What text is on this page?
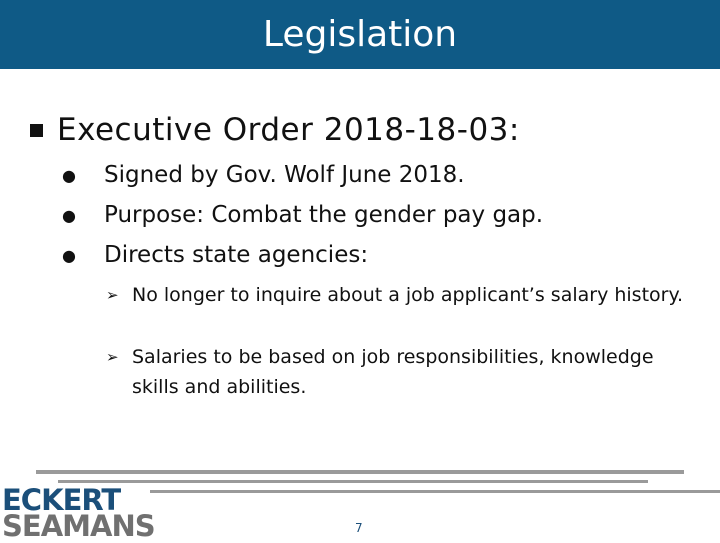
Legislation
Executive Order 2018-18-03:
●	Signed by Gov. Wolf June 2018.
●	Purpose: Combat the gender pay gap.
●	Directs state agencies:
➢ No longer to inquire about a job applicant’s salary history.
➢ Salaries to be based on job responsibilities, knowledge skills and abilities.
ECKERT
SEAMANS	7
